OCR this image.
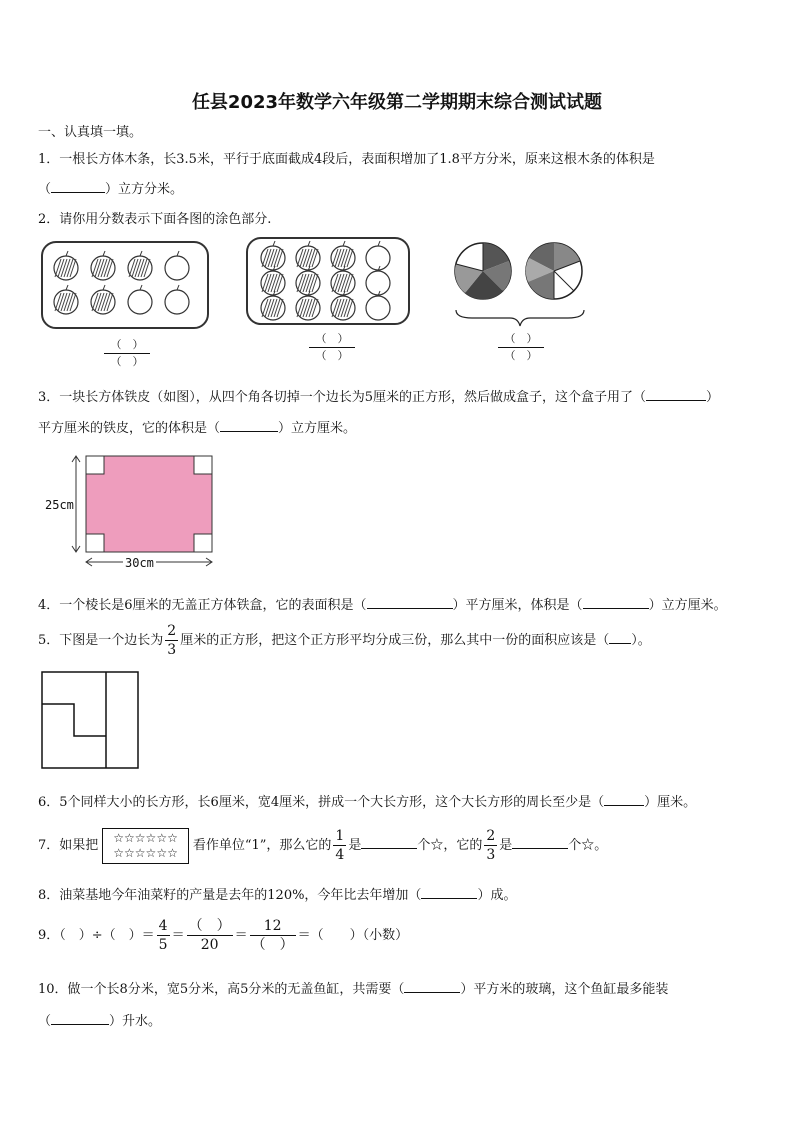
任县2023年数学六年级第二学期期末综合测试试题
一、认真填一填。
1．一根长方体木条，长3.5米，平行于底面截成4段后，表面积增加了1.8平方分米，原来这根木条的体积是
（	）立方分米。
2．请你用分数表示下面各图的涂色部分.
（　）
（　）
（　）
（　）
（　）
（　）
3．一块长方体铁皮（如图），从四个角各切掉一个边长为5厘米的正方形，然后做成盒子，这个盒子用了（	）
平方厘米的铁皮，它的体积是（	）立方厘米。
25cm
30cm
4．一个棱长是6厘米的无盖正方体铁盒，它的表面积是（	）平方厘米，体积是（	）立方厘米。
5．下图是一个边长为 $\frac{2}{3}$ 厘米的正方形，把这个正方形平均分成三份，那么其中一份的面积应该是（ ）。
6．5个同样大小的长方形，长6厘米，宽4厘米，拼成一个大长方形，这个大长方形的周长至少是（	）厘米。
7．如果把
☆☆☆☆☆☆
☆☆☆☆☆☆ 看作单位“1”，那么它的 $\frac{1}{4}$ 是	个☆，它的 $\frac{2}{3}$ 是	个☆。
8．油菜基地今年油菜籽的产量是去年的120%，今年比去年增加（	）成。
9．（　）÷（　）＝ $\frac{4}{5} = \frac{( )}{20} = \frac{12}{( )}$ ＝（　　）（小数）
10．做一个长8分米，宽5分米，高5分米的无盖鱼缸，共需要（	）平方米的玻璃，这个鱼缸最多能装
（	）升水。
